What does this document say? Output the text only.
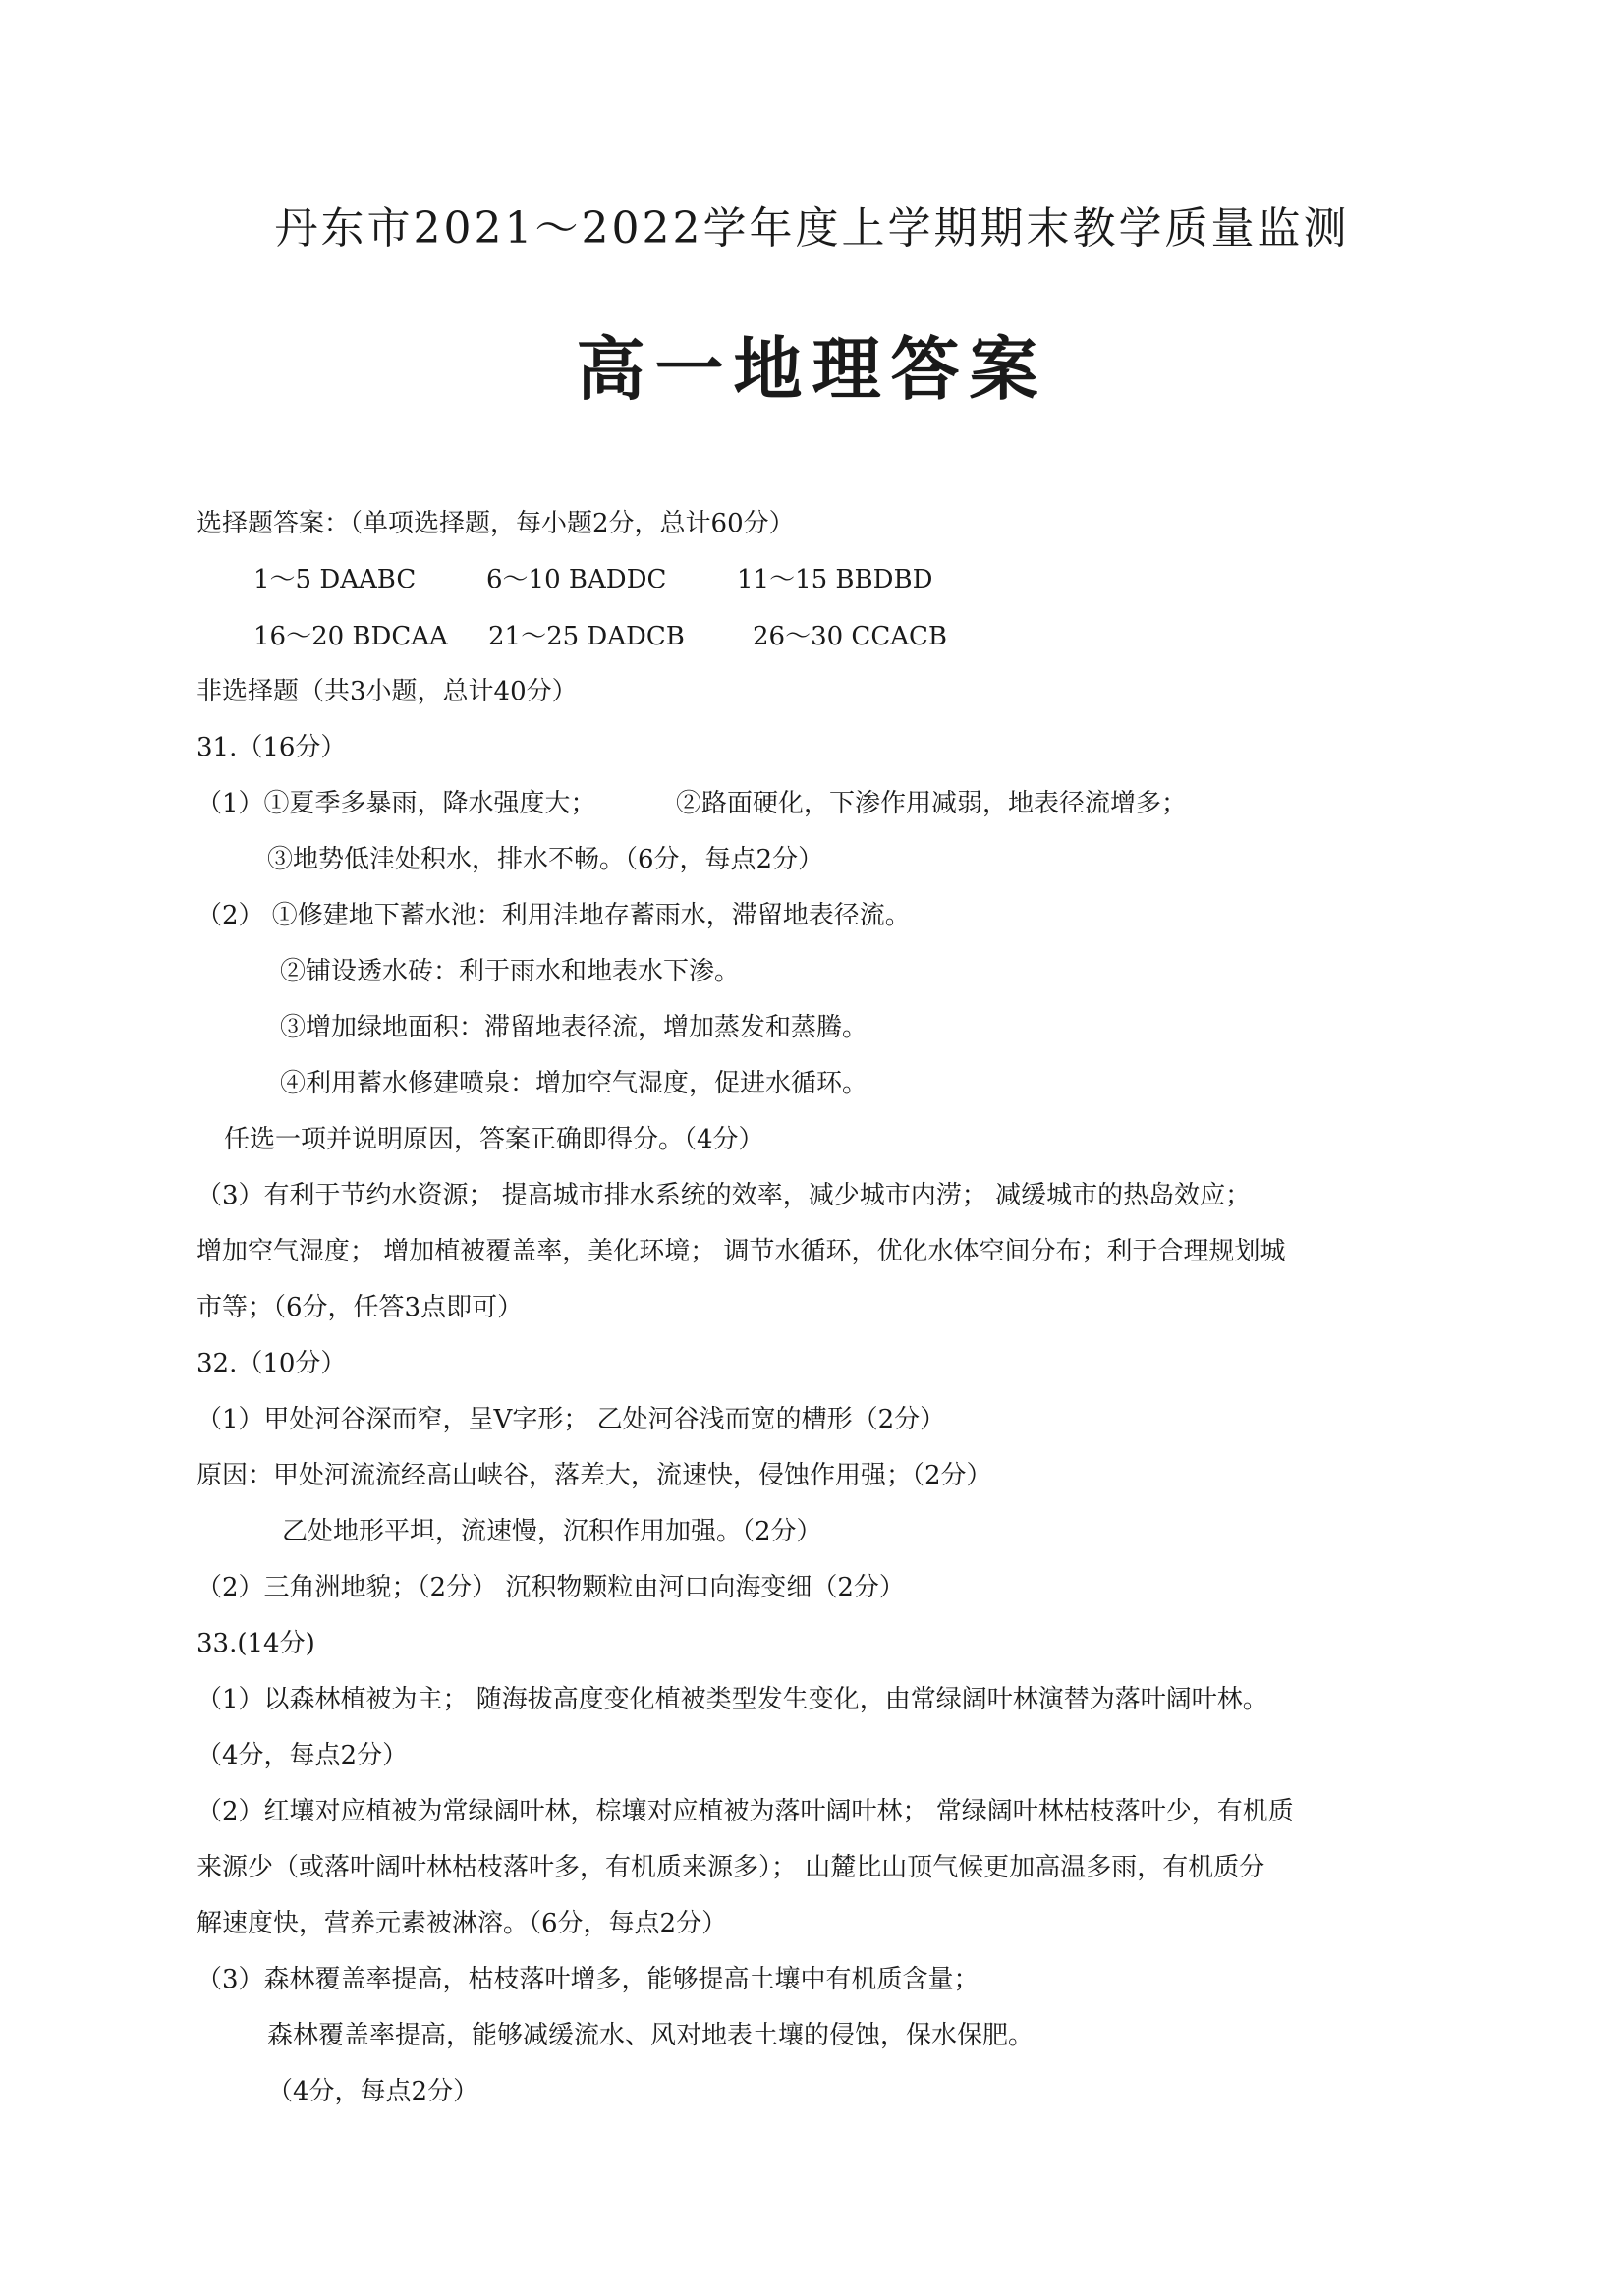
丹东市2021～2022学年度上学期期末教学质量监测
高一地理答案
选择题答案：（单项选择题，每小题2分，总计60分）
1～5 DAABC	6～10 BADDC	11～15 BBDBD
16～20 BDCAA 21～25 DADCB	26～30 CCACB
非选择题（共3小题，总计40分）
31.（16分）
（1）①夏季多暴雨，降水强度大；	②路面硬化，下渗作用减弱，地表径流增多；
③地势低洼处积水，排水不畅。（6分，每点2分）
（2） ①修建地下蓄水池：利用洼地存蓄雨水，滞留地表径流。
②铺设透水砖：利于雨水和地表水下渗。
③增加绿地面积：滞留地表径流，增加蒸发和蒸腾。
④利用蓄水修建喷泉：增加空气湿度，促进水循环。
任选一项并说明原因，答案正确即得分。（4分）
（3）有利于节约水资源； 提高城市排水系统的效率，减少城市内涝； 减缓城市的热岛效应；
增加空气湿度； 增加植被覆盖率，美化环境； 调节水循环，优化水体空间分布；利于合理规划城
市等；（6分，任答3点即可）
32.（10分）
（1）甲处河谷深而窄，呈V字形； 乙处河谷浅而宽的槽形（2分）
原因：甲处河流流经高山峡谷，落差大，流速快，侵蚀作用强；（2分）
乙处地形平坦，流速慢，沉积作用加强。（2分）
（2）三角洲地貌；（2分） 沉积物颗粒由河口向海变细（2分）
33.(14分)
（1）以森林植被为主； 随海拔高度变化植被类型发生变化，由常绿阔叶林演替为落叶阔叶林。
（4分，每点2分）
（2）红壤对应植被为常绿阔叶林，棕壤对应植被为落叶阔叶林； 常绿阔叶林枯枝落叶少，有机质
来源少（或落叶阔叶林枯枝落叶多，有机质来源多）； 山麓比山顶气候更加高温多雨，有机质分
解速度快，营养元素被淋溶。（6分，每点2分）
（3）森林覆盖率提高，枯枝落叶增多，能够提高土壤中有机质含量；
森林覆盖率提高，能够减缓流水、风对地表土壤的侵蚀，保水保肥。
（4分，每点2分）
